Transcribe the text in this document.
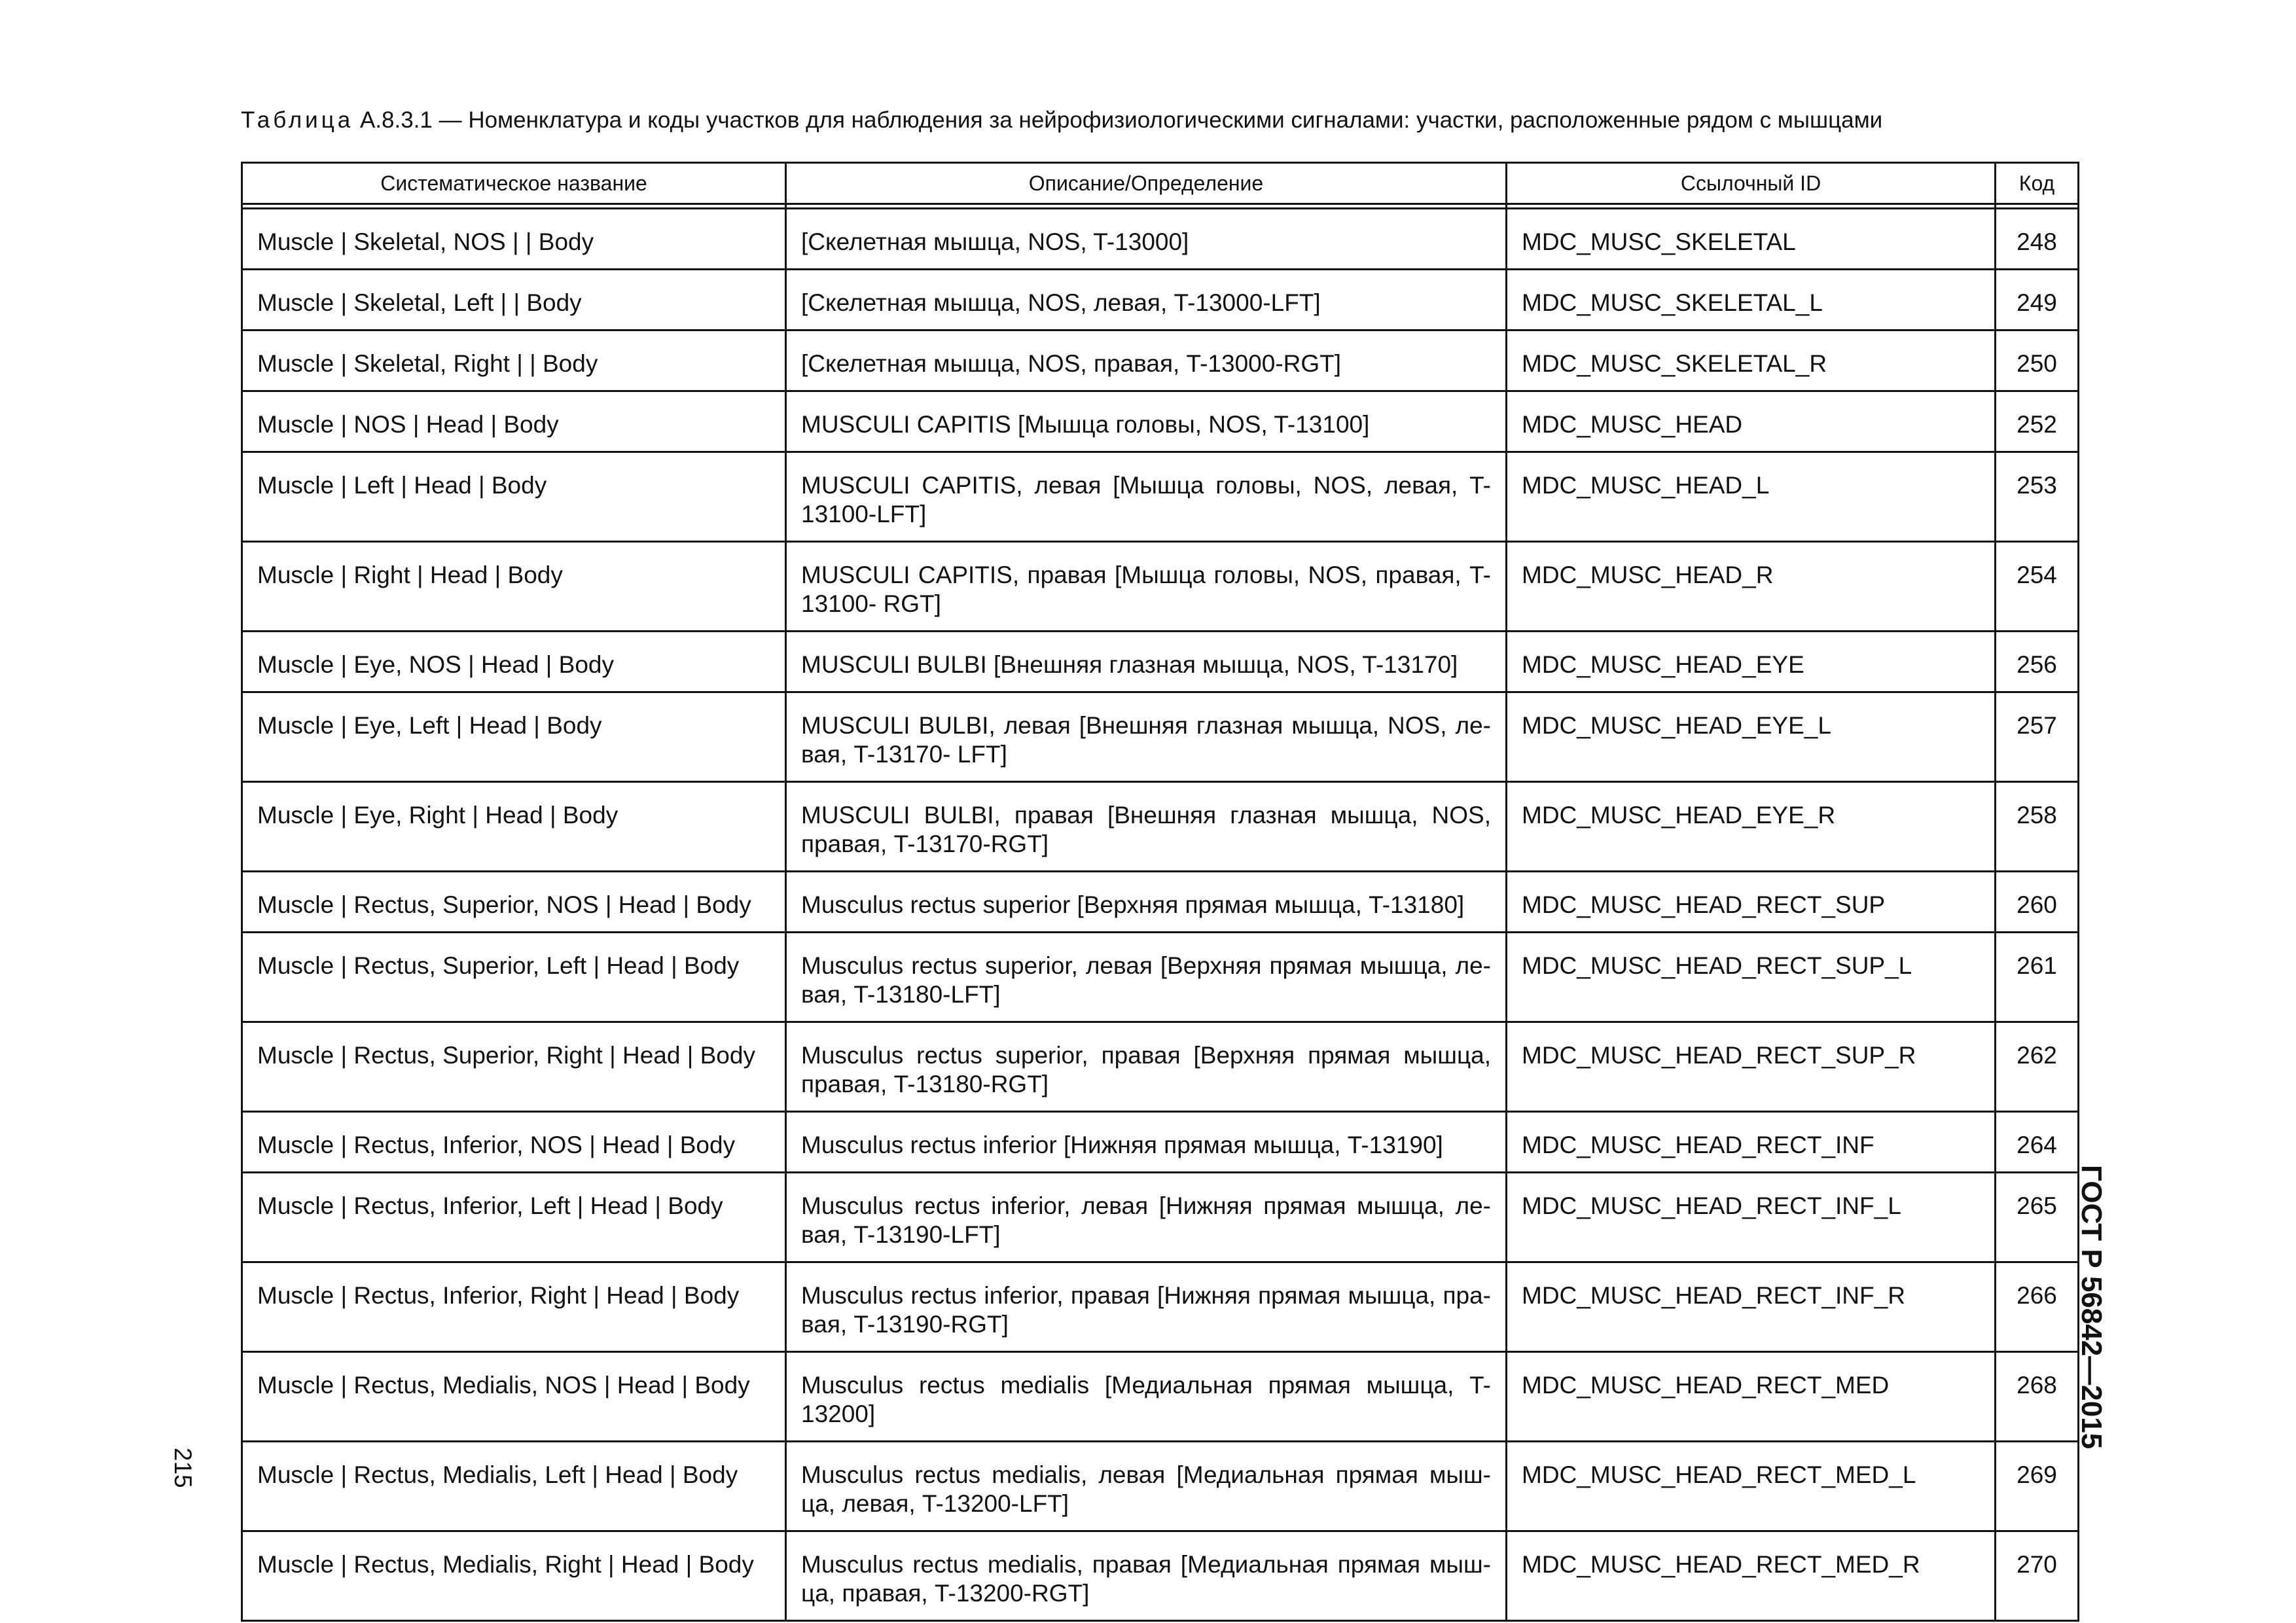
Таблица А.8.3.1 — Номенклатура и коды участков для наблюдения за нейрофизиологическими сигналами: участки, расположенные рядом с мышцами
Систематическое название	Описание/Определение	Ссылочный ID	Код

Muscle | Skeletal, NOS | | Body	[Скелетная мышца, NOS, T-13000]	MDC_MUSC_SKELETAL	248
Muscle | Skeletal, Left | | Body	[Скелетная мышца, NOS, левая, T-13000-LFT]	MDC_MUSC_SKELETAL_L	249
Muscle | Skeletal, Right | | Body	[Скелетная мышца, NOS, правая, T-13000-RGT]	MDC_MUSC_SKELETAL_R	250
Muscle | NOS | Head | Body	MUSCULI CAPITIS [Мышца головы, NOS, T-13100]	MDC_MUSC_HEAD	252
Muscle | Left | Head | Body	MUSCULI CAPITIS, левая [Мышца головы, NOS, левая, T-13100-LFT]	MDC_MUSC_HEAD_L	253
Muscle | Right | Head | Body	MUSCULI CAPITIS, правая [Мышца головы, NOS, правая, T-13100- RGT]	MDC_MUSC_HEAD_R	254
Muscle | Eye, NOS | Head | Body	MUSCULI BULBI [Внешняя глазная мышца, NOS, T-13170]	MDC_MUSC_HEAD_EYE	256
Muscle | Eye, Left | Head | Body	MUSCULI BULBI, левая [Внешняя глазная мышца, NOS, ле-вая, T-13170- LFT]	MDC_MUSC_HEAD_EYE_L	257
Muscle | Eye, Right | Head | Body	MUSCULI BULBI, правая [Внешняя глазная мышца, NOS, правая, T-13170-RGT]	MDC_MUSC_HEAD_EYE_R	258
Muscle | Rectus, Superior, NOS | Head | Body	Musculus rectus superior [Верхняя прямая мышца, T-13180]	MDC_MUSC_HEAD_RECT_SUP	260
Muscle | Rectus, Superior, Left | Head | Body	Musculus rectus superior, левая [Верхняя прямая мышца, ле-вая, T-13180-LFT]	MDC_MUSC_HEAD_RECT_SUP_L	261
Muscle | Rectus, Superior, Right | Head | Body	Musculus rectus superior, правая [Верхняя прямая мышца, правая, T-13180-RGT]	MDC_MUSC_HEAD_RECT_SUP_R	262
Muscle | Rectus, Inferior, NOS | Head | Body	Musculus rectus inferior [Нижняя прямая мышца, T-13190]	MDC_MUSC_HEAD_RECT_INF	264
Muscle | Rectus, Inferior, Left | Head | Body	Musculus rectus inferior, левая [Нижняя прямая мышца, ле-вая, T-13190-LFT]	MDC_MUSC_HEAD_RECT_INF_L	265
Muscle | Rectus, Inferior, Right | Head | Body	Musculus rectus inferior, правая [Нижняя прямая мышца, пра-вая, T-13190-RGT]	MDC_MUSC_HEAD_RECT_INF_R	266
Muscle | Rectus, Medialis, NOS | Head | Body	Musculus rectus medialis [Медиальная прямая мышца, T-13200]	MDC_MUSC_HEAD_RECT_MED	268
Muscle | Rectus, Medialis, Left | Head | Body	Musculus rectus medialis, левая [Медиальная прямая мыш-ца, левая, T-13200-LFT]	MDC_MUSC_HEAD_RECT_MED_L	269
Muscle | Rectus, Medialis, Right | Head | Body	Musculus rectus medialis, правая [Медиальная прямая мыш-ца, правая, T-13200-RGT]	MDC_MUSC_HEAD_RECT_MED_R	270
ГОСТ Р 56842—2015
215
